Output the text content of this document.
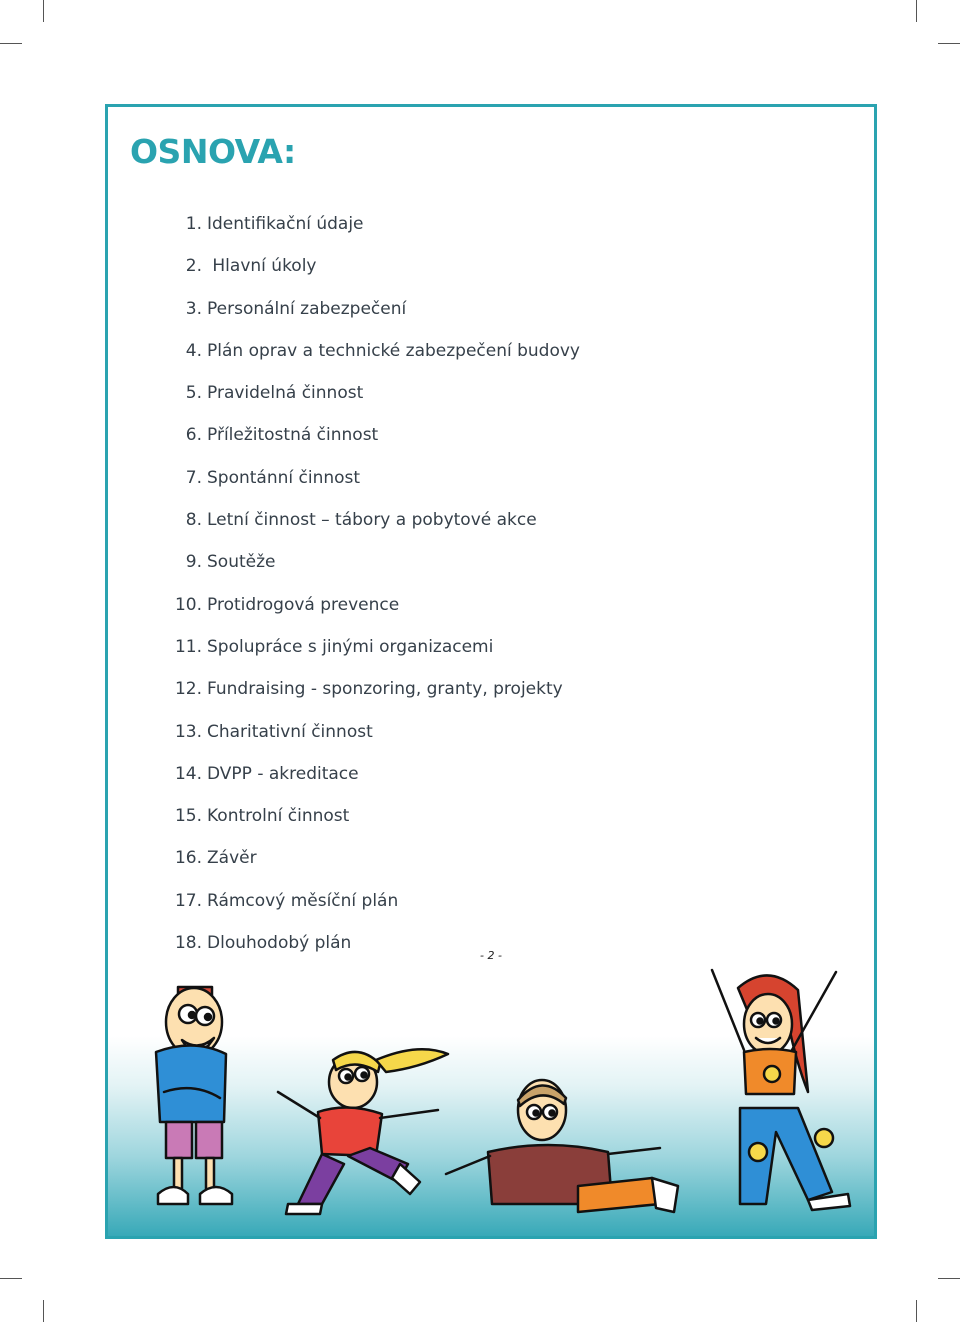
OSNOVA:
1. Identifikační údaje
2. Hlavní úkoly
3. Personální zabezpečení
4. Plán oprav a technické zabezpečení budovy
5. Pravidelná činnost
6. Příležitostná činnost
7. Spontánní činnost
8. Letní činnost – tábory a pobytové akce
9. Soutěže
10. Protidrogová prevence
11. Spolupráce s jinými organizacemi
12. Fundraising - sponzoring, granty, projekty
13. Charitativní činnost
14. DVPP - akreditace
15. Kontrolní činnost
16. Závěr
17. Rámcový měsíční plán
18. Dlouhodobý plán
- 2 -
